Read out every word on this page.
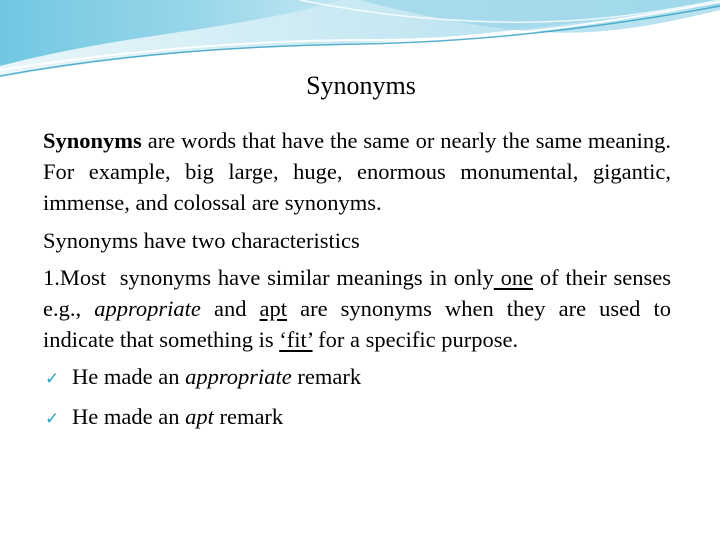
Synonyms

Synonyms are words that have the same or nearly the same meaning. For example, big large, huge, enormous monumental, gigantic, immense, and colossal are synonyms.

Synonyms have two characteristics

1.Most  synonyms have similar meanings in only one of their senses e.g., appropriate and apt are synonyms when they are used to indicate that something is ‘fit’ for a specific purpose.

✓ He made an appropriate remark

✓ He made an apt remark
